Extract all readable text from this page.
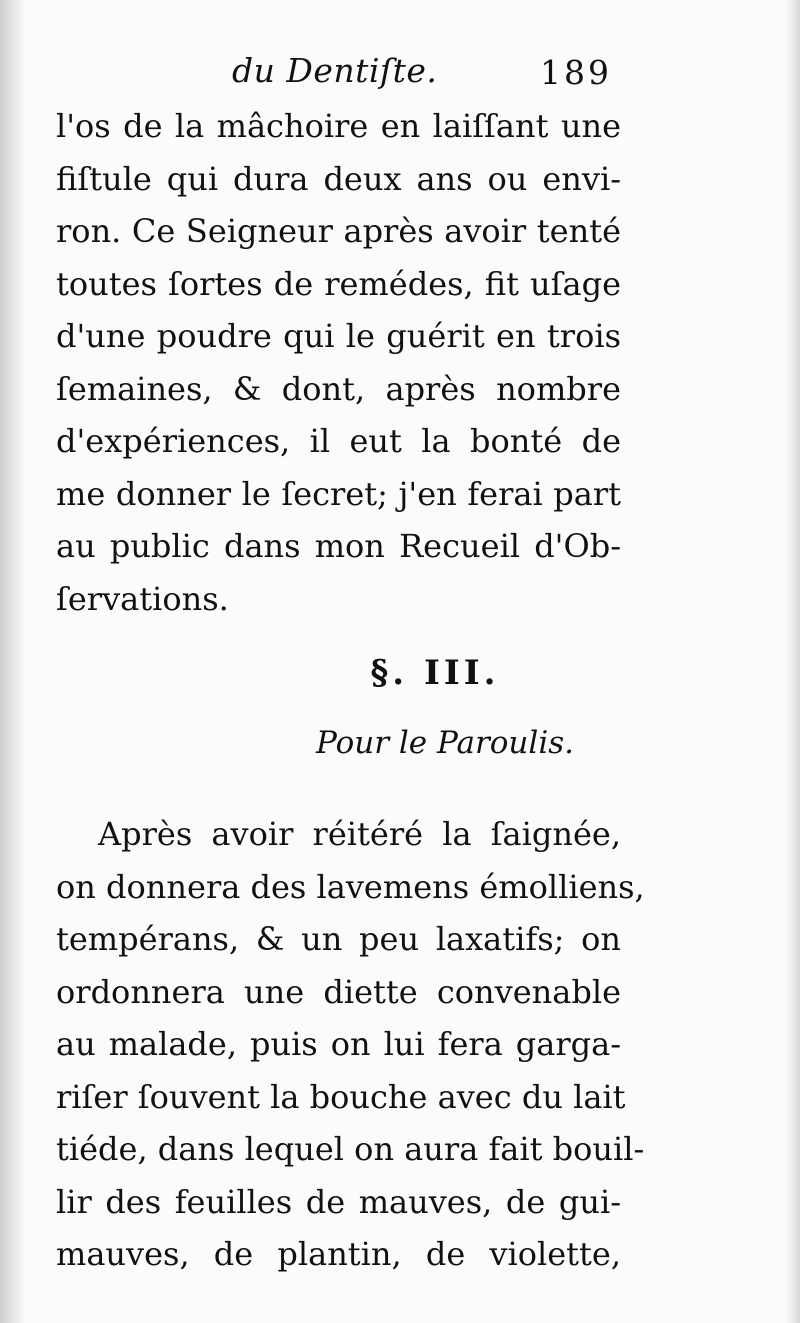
du Dentiſte.	189
l'os de la mâchoire en laiſſant une
fiſtule qui dura deux ans ou envi-
ron. Ce Seigneur après avoir tenté
toutes ſortes de remédes, fit uſage
d'une poudre qui le guérit en trois
ſemaines, & dont, après nombre
d'expériences, il eut la bonté de
me donner le ſecret; j'en ferai part
au public dans mon Recueil d'Ob-
ſervations.
§. III.
Pour le Paroulis.
Après avoir réitéré la ſaignée,
on donnera des lavemens émolliens,
tempérans, & un peu laxatifs; on
ordonnera une diette convenable
au malade, puis on lui fera garga-
riſer ſouvent la bouche avec du lait
tiéde, dans lequel on aura fait bouil-
lir des feuilles de mauves, de gui-
mauves, de plantin, de violette,
